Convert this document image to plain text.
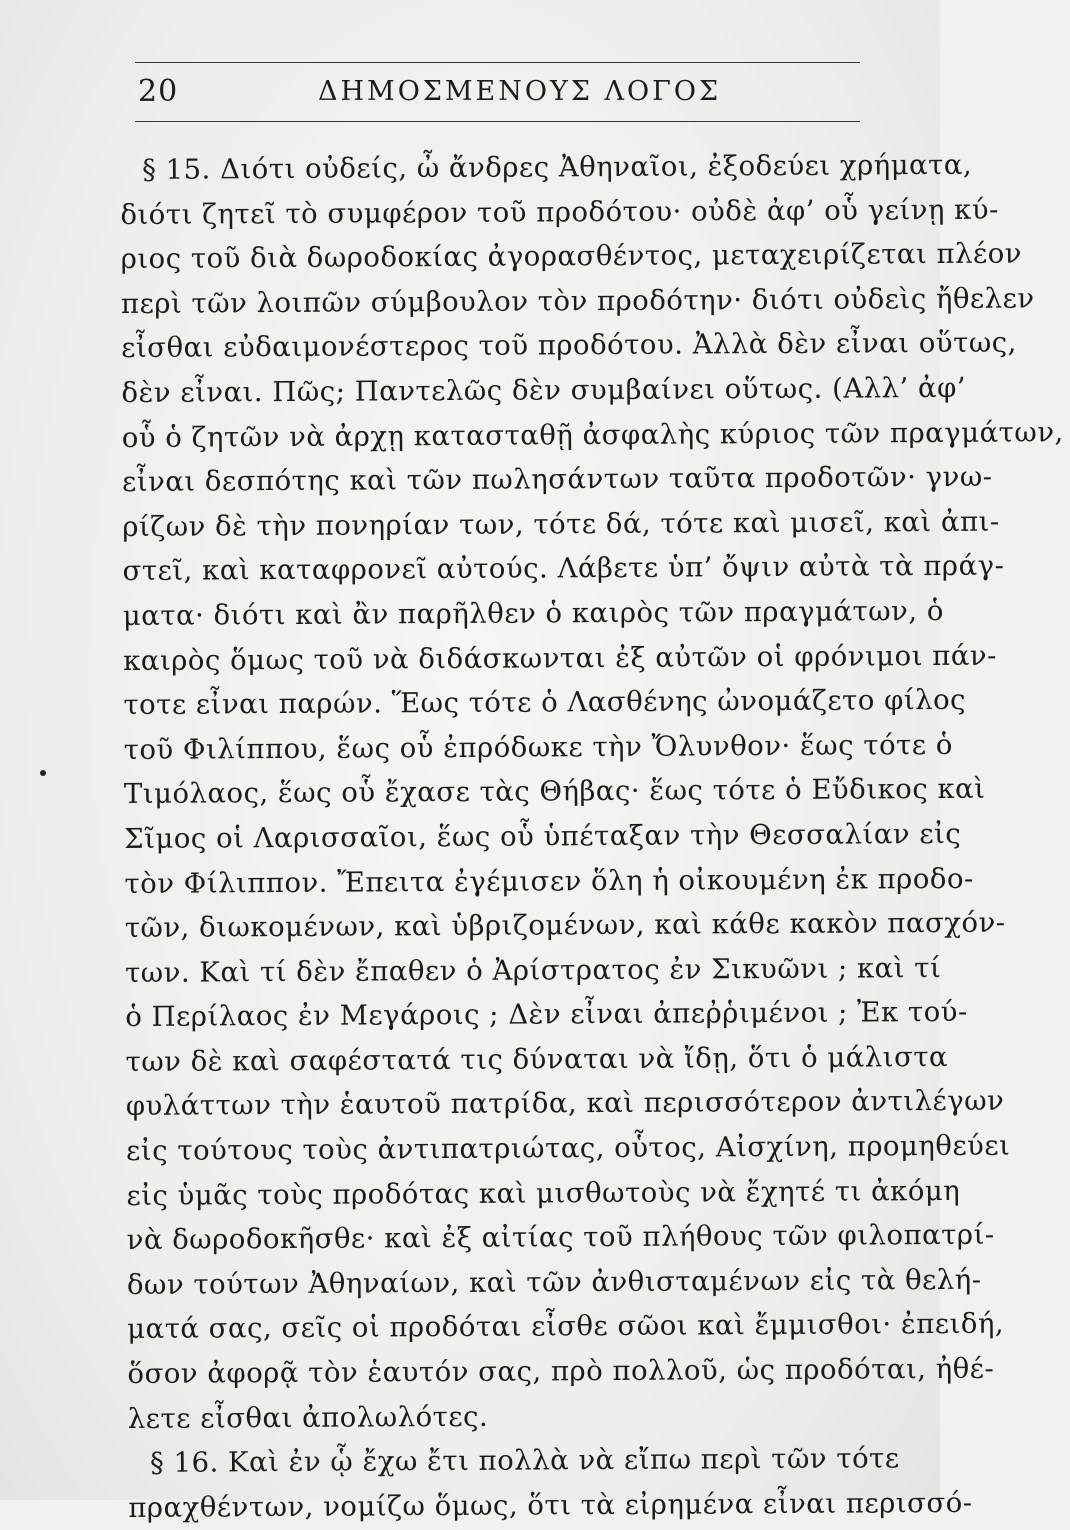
20	ΔΗΜΟΣΜΕΝΟΥΣ ΛΟΓΟΣ
§ 15. Διότι οὐδείς, ὦ ἄνδρες Ἀθηναῖοι, ἐξοδεύει χρήματα,
διότι ζητεῖ τὸ συμφέρον τοῦ προδότου· οὐδὲ ἀφ’ οὗ γείνῃ κύ-
ριος τοῦ διὰ δωροδοκίας ἀγορασθέντος, μεταχειρίζεται πλέον
περὶ τῶν λοιπῶν σύμβουλον τὸν προδότην· διότι οὐδεὶς ἤθελεν
εἶσθαι εὐδαιμονέστερος τοῦ προδότου. Ἀλλὰ δὲν εἶναι οὕτως,
δὲν εἶναι. Πῶς; Παντελῶς δὲν συμβαίνει οὕτως. (Αλλ’ ἀφ’
οὗ ὁ ζητῶν νὰ ἀρχῃ κατασταθῇ ἀσφαλὴς κύριος τῶν πραγμάτων,
εἶναι δεσπότης καὶ τῶν πωλησάντων ταῦτα προδοτῶν· γνω-
ρίζων δὲ τὴν πονηρίαν των, τότε δά, τότε καὶ μισεῖ, καὶ ἀπι-
στεῖ, καὶ καταφρονεῖ αὐτούς. Λάβετε ὑπ’ ὄψιν αὐτὰ τὰ πράγ-
ματα· διότι καὶ ἂν παρῆλθεν ὁ καιρὸς τῶν πραγμάτων, ὁ
καιρὸς ὅμως τοῦ νὰ διδάσκωνται ἐξ αὐτῶν οἱ φρόνιμοι πάν-
τοτε εἶναι παρών. Ἕως τότε ὁ Λασθένης ὠνομάζετο φίλος
τοῦ Φιλίππου, ἕως οὗ ἐπρόδωκε τὴν Ὄλυνθον· ἕως τότε ὁ
Τιμόλαος, ἕως οὗ ἔχασε τὰς Θήβας· ἕως τότε ὁ Εὔδικος καὶ
Σῖμος οἱ Λαρισσαῖοι, ἕως οὗ ὑπέταξαν τὴν Θεσσαλίαν εἰς
τὸν Φίλιππον. Ἔπειτα ἐγέμισεν ὅλη ἡ οἰκουμένη ἐκ προδο-
τῶν, διωκομένων, καὶ ὑβριζομένων, καὶ κάθε κακὸν πασχόν-
των. Καὶ τί δὲν ἔπαθεν ὁ Ἀρίστρατος ἐν Σικυῶνι ; καὶ τί
ὁ Περίλαος ἐν Μεγάροις ; Δὲν εἶναι ἀπεῤῥιμένοι ; Ἐκ τού-
των δὲ καὶ σαφέστατά τις δύναται νὰ ἴδῃ, ὅτι ὁ μάλιστα
φυλάττων τὴν ἑαυτοῦ πατρίδα, καὶ περισσότερον ἀντιλέγων
εἰς τούτους τοὺς ἀντιπατριώτας, οὗτος, Αἰσχίνη, προμηθεύει
εἰς ὑμᾶς τοὺς προδότας καὶ μισθωτοὺς νὰ ἔχητέ τι ἀκόμη
νὰ δωροδοκῆσθε· καὶ ἐξ αἰτίας τοῦ πλήθους τῶν φιλοπατρί-
δων τούτων Ἀθηναίων, καὶ τῶν ἀνθισταμένων εἰς τὰ θελή-
ματά σας, σεῖς οἱ προδόται εἶσθε σῶοι καὶ ἔμμισθοι· ἐπειδή,
ὅσον ἀφορᾷ τὸν ἑαυτόν σας, πρὸ πολλοῦ, ὡς προδόται, ἠθέ-
λετε εἶσθαι ἀπολωλότες.
§ 16. Καὶ ἐν ᾧ ἔχω ἔτι πολλὰ νὰ εἴπω περὶ τῶν τότε
πραχθέντων, νομίζω ὅμως, ὅτι τὰ εἰρημένα εἶναι περισσό-
